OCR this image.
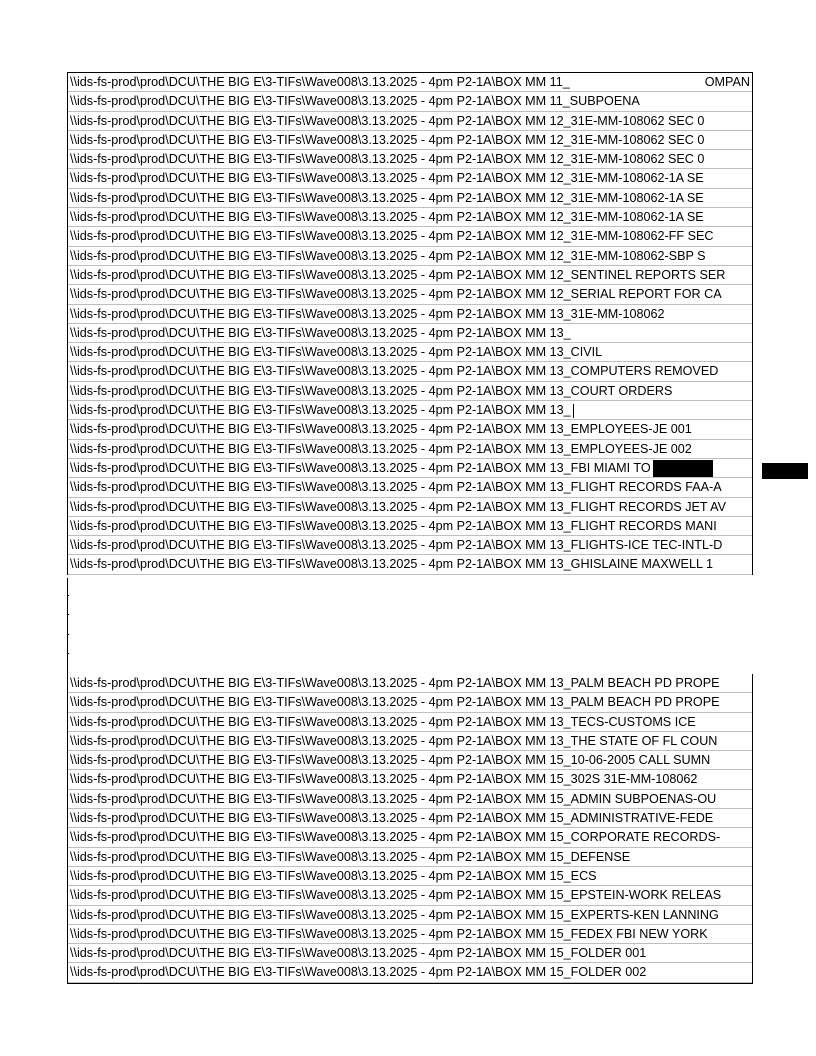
\\ids-fs-prod\prod\DCU\THE BIG E\3-TIFs\Wave008\3.13.2025 - 4pm P2-1A\BOX MM 11_	OMPAN
\\ids-fs-prod\prod\DCU\THE BIG E\3-TIFs\Wave008\3.13.2025 - 4pm P2-1A\BOX MM 11_SUBPOENA
\\ids-fs-prod\prod\DCU\THE BIG E\3-TIFs\Wave008\3.13.2025 - 4pm P2-1A\BOX MM 12_31E-MM-108062 SEC 0
\\ids-fs-prod\prod\DCU\THE BIG E\3-TIFs\Wave008\3.13.2025 - 4pm P2-1A\BOX MM 12_31E-MM-108062 SEC 0
\\ids-fs-prod\prod\DCU\THE BIG E\3-TIFs\Wave008\3.13.2025 - 4pm P2-1A\BOX MM 12_31E-MM-108062 SEC 0
\\ids-fs-prod\prod\DCU\THE BIG E\3-TIFs\Wave008\3.13.2025 - 4pm P2-1A\BOX MM 12_31E-MM-108062-1A SE
\\ids-fs-prod\prod\DCU\THE BIG E\3-TIFs\Wave008\3.13.2025 - 4pm P2-1A\BOX MM 12_31E-MM-108062-1A SE
\\ids-fs-prod\prod\DCU\THE BIG E\3-TIFs\Wave008\3.13.2025 - 4pm P2-1A\BOX MM 12_31E-MM-108062-1A SE
\\ids-fs-prod\prod\DCU\THE BIG E\3-TIFs\Wave008\3.13.2025 - 4pm P2-1A\BOX MM 12_31E-MM-108062-FF SEC
\\ids-fs-prod\prod\DCU\THE BIG E\3-TIFs\Wave008\3.13.2025 - 4pm P2-1A\BOX MM 12_31E-MM-108062-SBP S
\\ids-fs-prod\prod\DCU\THE BIG E\3-TIFs\Wave008\3.13.2025 - 4pm P2-1A\BOX MM 12_SENTINEL REPORTS SER
\\ids-fs-prod\prod\DCU\THE BIG E\3-TIFs\Wave008\3.13.2025 - 4pm P2-1A\BOX MM 12_SERIAL REPORT FOR CA
\\ids-fs-prod\prod\DCU\THE BIG E\3-TIFs\Wave008\3.13.2025 - 4pm P2-1A\BOX MM 13_31E-MM-108062
\\ids-fs-prod\prod\DCU\THE BIG E\3-TIFs\Wave008\3.13.2025 - 4pm P2-1A\BOX MM 13_
\\ids-fs-prod\prod\DCU\THE BIG E\3-TIFs\Wave008\3.13.2025 - 4pm P2-1A\BOX MM 13_CIVIL
\\ids-fs-prod\prod\DCU\THE BIG E\3-TIFs\Wave008\3.13.2025 - 4pm P2-1A\BOX MM 13_COMPUTERS REMOVED
\\ids-fs-prod\prod\DCU\THE BIG E\3-TIFs\Wave008\3.13.2025 - 4pm P2-1A\BOX MM 13_COURT ORDERS
\\ids-fs-prod\prod\DCU\THE BIG E\3-TIFs\Wave008\3.13.2025 - 4pm P2-1A\BOX MM 13_
\\ids-fs-prod\prod\DCU\THE BIG E\3-TIFs\Wave008\3.13.2025 - 4pm P2-1A\BOX MM 13_EMPLOYEES-JE 001
\\ids-fs-prod\prod\DCU\THE BIG E\3-TIFs\Wave008\3.13.2025 - 4pm P2-1A\BOX MM 13_EMPLOYEES-JE 002
\\ids-fs-prod\prod\DCU\THE BIG E\3-TIFs\Wave008\3.13.2025 - 4pm P2-1A\BOX MM 13_FBI MIAMI TO
\\ids-fs-prod\prod\DCU\THE BIG E\3-TIFs\Wave008\3.13.2025 - 4pm P2-1A\BOX MM 13_FLIGHT RECORDS FAA-A
\\ids-fs-prod\prod\DCU\THE BIG E\3-TIFs\Wave008\3.13.2025 - 4pm P2-1A\BOX MM 13_FLIGHT RECORDS JET AV
\\ids-fs-prod\prod\DCU\THE BIG E\3-TIFs\Wave008\3.13.2025 - 4pm P2-1A\BOX MM 13_FLIGHT RECORDS MANI
\\ids-fs-prod\prod\DCU\THE BIG E\3-TIFs\Wave008\3.13.2025 - 4pm P2-1A\BOX MM 13_FLIGHTS-ICE TEC-INTL-D
\\ids-fs-prod\prod\DCU\THE BIG E\3-TIFs\Wave008\3.13.2025 - 4pm P2-1A\BOX MM 13_GHISLAINE MAXWELL 1
\\ids-fs-prod\prod\DCU\THE BIG E\3-TIFs\Wave008\3.13.2025 - 4pm P2-1A\BOX MM 13_PALM BEACH PD PROPE
\\ids-fs-prod\prod\DCU\THE BIG E\3-TIFs\Wave008\3.13.2025 - 4pm P2-1A\BOX MM 13_PALM BEACH PD PROPE
\\ids-fs-prod\prod\DCU\THE BIG E\3-TIFs\Wave008\3.13.2025 - 4pm P2-1A\BOX MM 13_TECS-CUSTOMS ICE
\\ids-fs-prod\prod\DCU\THE BIG E\3-TIFs\Wave008\3.13.2025 - 4pm P2-1A\BOX MM 13_THE STATE OF FL COUN
\\ids-fs-prod\prod\DCU\THE BIG E\3-TIFs\Wave008\3.13.2025 - 4pm P2-1A\BOX MM 15_10-06-2005 CALL SUMN
\\ids-fs-prod\prod\DCU\THE BIG E\3-TIFs\Wave008\3.13.2025 - 4pm P2-1A\BOX MM 15_302S 31E-MM-108062
\\ids-fs-prod\prod\DCU\THE BIG E\3-TIFs\Wave008\3.13.2025 - 4pm P2-1A\BOX MM 15_ADMIN SUBPOENAS-OU
\\ids-fs-prod\prod\DCU\THE BIG E\3-TIFs\Wave008\3.13.2025 - 4pm P2-1A\BOX MM 15_ADMINISTRATIVE-FEDE
\\ids-fs-prod\prod\DCU\THE BIG E\3-TIFs\Wave008\3.13.2025 - 4pm P2-1A\BOX MM 15_CORPORATE RECORDS-
\\ids-fs-prod\prod\DCU\THE BIG E\3-TIFs\Wave008\3.13.2025 - 4pm P2-1A\BOX MM 15_DEFENSE
\\ids-fs-prod\prod\DCU\THE BIG E\3-TIFs\Wave008\3.13.2025 - 4pm P2-1A\BOX MM 15_ECS
\\ids-fs-prod\prod\DCU\THE BIG E\3-TIFs\Wave008\3.13.2025 - 4pm P2-1A\BOX MM 15_EPSTEIN-WORK RELEAS
\\ids-fs-prod\prod\DCU\THE BIG E\3-TIFs\Wave008\3.13.2025 - 4pm P2-1A\BOX MM 15_EXPERTS-KEN LANNING
\\ids-fs-prod\prod\DCU\THE BIG E\3-TIFs\Wave008\3.13.2025 - 4pm P2-1A\BOX MM 15_FEDEX FBI NEW YORK
\\ids-fs-prod\prod\DCU\THE BIG E\3-TIFs\Wave008\3.13.2025 - 4pm P2-1A\BOX MM 15_FOLDER 001
\\ids-fs-prod\prod\DCU\THE BIG E\3-TIFs\Wave008\3.13.2025 - 4pm P2-1A\BOX MM 15_FOLDER 002
